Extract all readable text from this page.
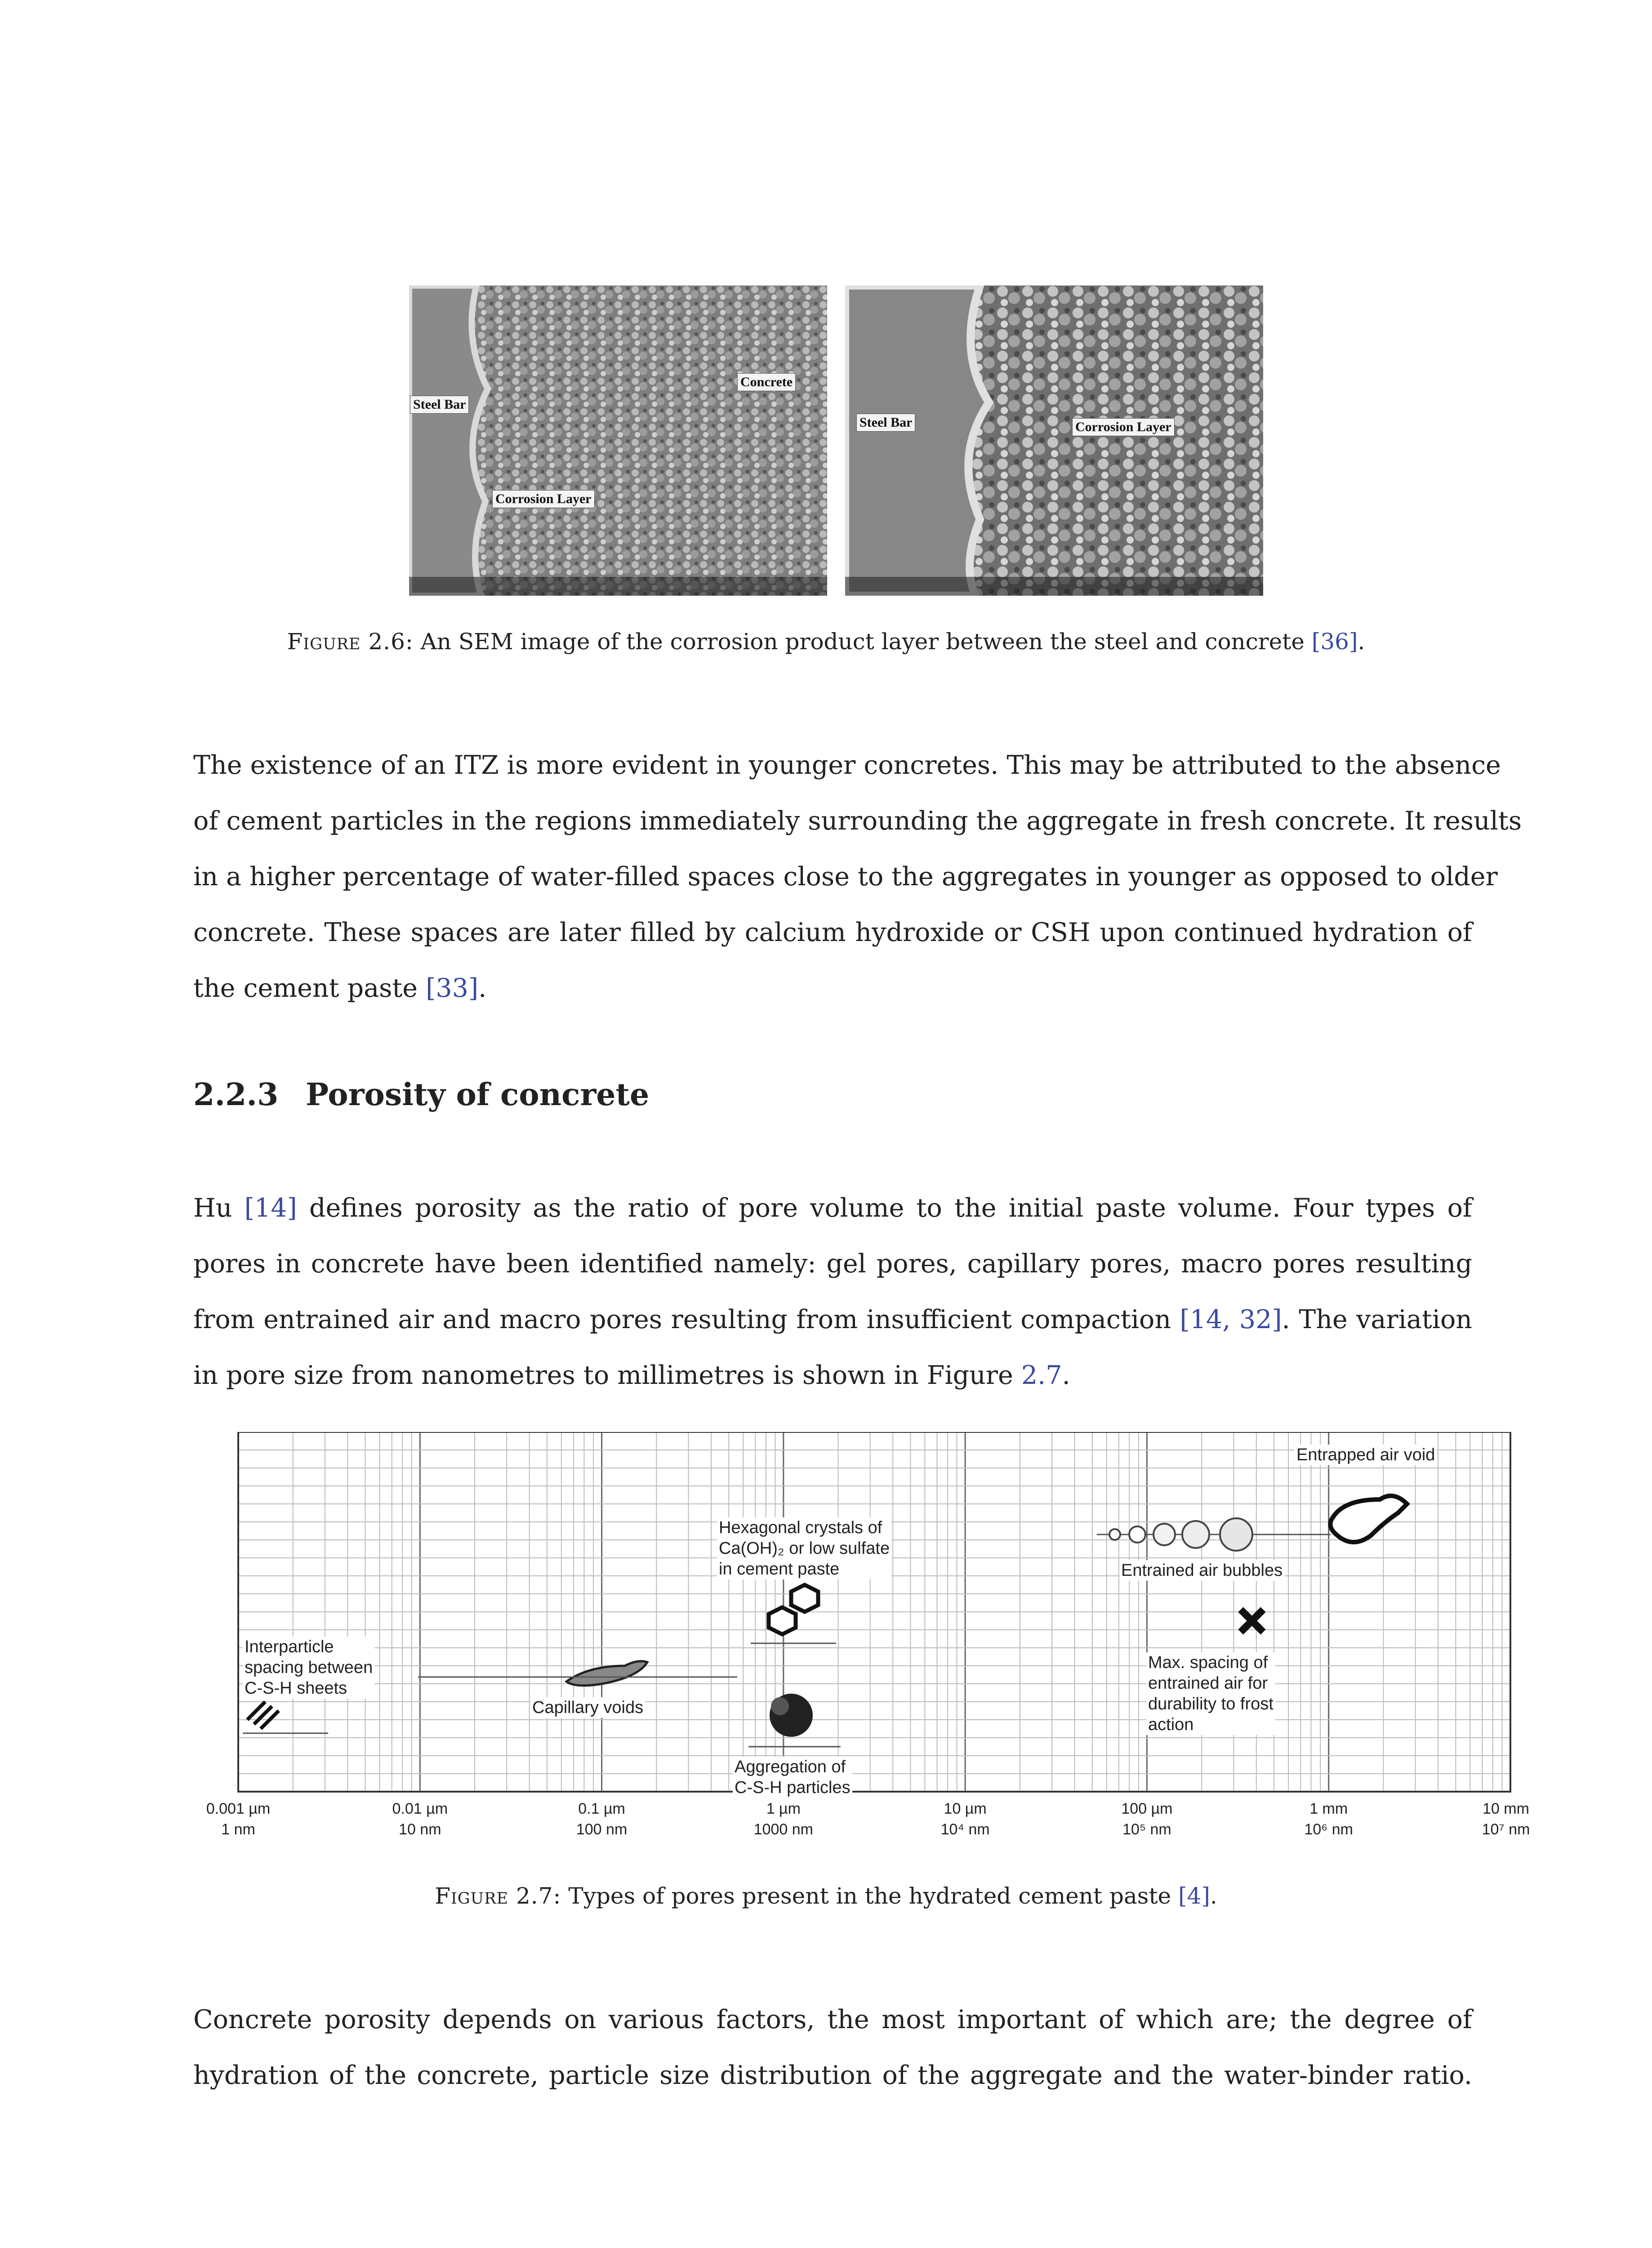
Steel Bar
Concrete
Corrosion Layer
Steel Bar	Corrosion Layer
Figure 2.6: An SEM image of the corrosion product layer between the steel and concrete [36].
The existence of an ITZ is more evident in younger concretes. This may be attributed to the absence
of cement particles in the regions immediately surrounding the aggregate in fresh concrete. It results
in a higher percentage of water-filled spaces close to the aggregates in younger as opposed to older
concrete. These spaces are later filled by calcium hydroxide or CSH upon continued hydration of
the cement paste [33].
2.2.3 Porosity of concrete
Hu [14] defines porosity as the ratio of pore volume to the initial paste volume. Four types of
pores in concrete have been identified namely: gel pores, capillary pores, macro pores resulting
from entrained air and macro pores resulting from insufficient compaction [14, 32]. The variation
in pore size from nanometres to millimetres is shown in Figure 2.7.
Entrapped air void
Hexagonal crystals of
Ca(OH)₂ or low sulfate
in cement paste	Entrained air bubbles
Interparticle
spacing between
C-S-H sheets
Capillary voids
Aggregation of
C-S-H particles
Max. spacing of
entrained air for
durability to frost
action
0.001 µm
1 nm
0.01 µm
10 nm
0.1 µm
100 nm
1 µm
1000 nm
10 µm
10⁴ nm
100 µm
10⁵ nm
1 mm
10⁶ nm
10 mm
10⁷ nm
Figure 2.7: Types of pores present in the hydrated cement paste [4].
Concrete porosity depends on various factors, the most important of which are; the degree of
hydration of the concrete, particle size distribution of the aggregate and the water-binder ratio.
